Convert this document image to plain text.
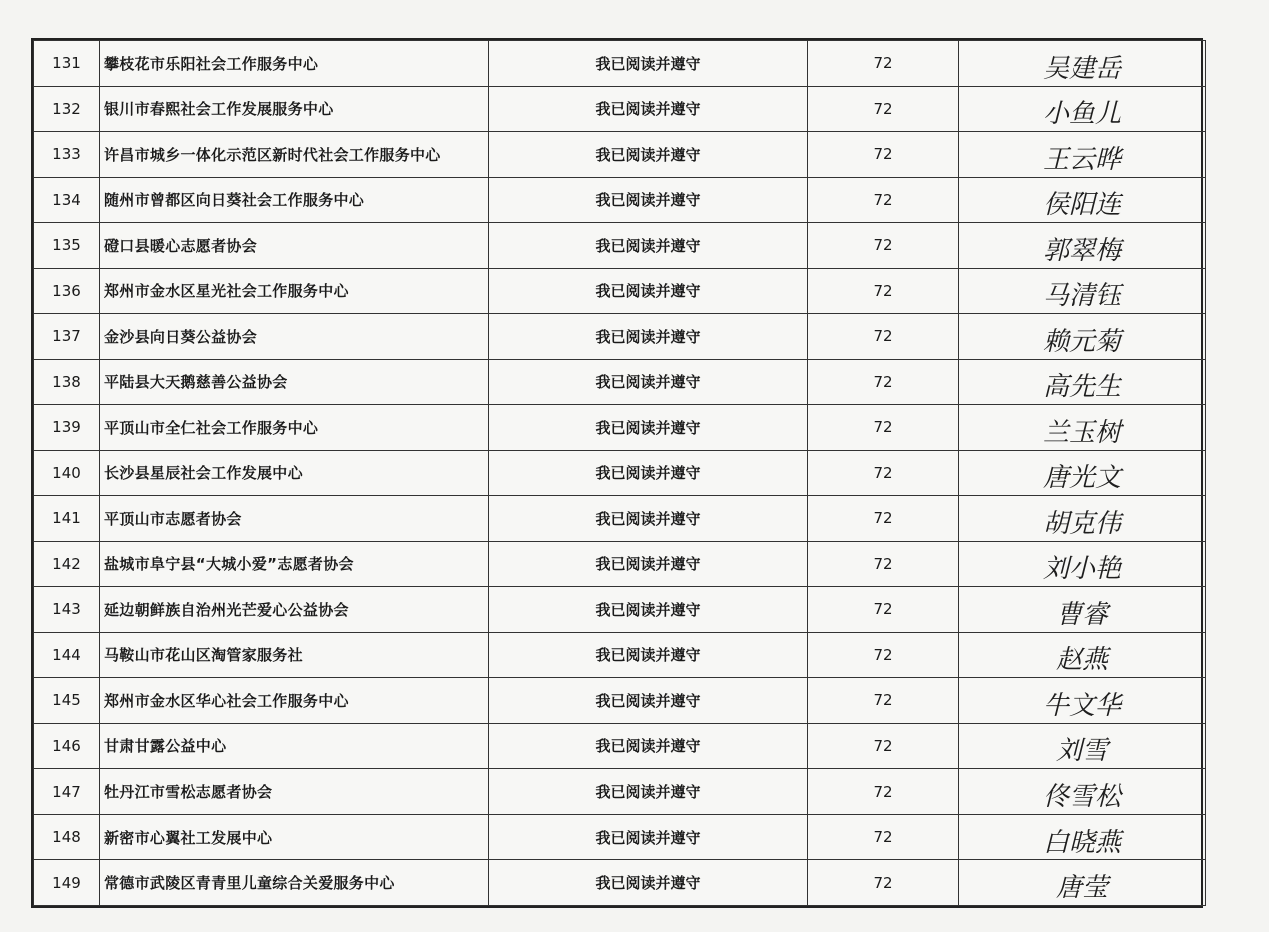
131	攀枝花市乐阳社会工作服务中心	我已阅读并遵守	72	吴建岳
132	银川市春熙社会工作发展服务中心	我已阅读并遵守	72	小鱼儿
133	许昌市城乡一体化示范区新时代社会工作服务中心	我已阅读并遵守	72	王云晔
134	随州市曾都区向日葵社会工作服务中心	我已阅读并遵守	72	侯阳连
135	磴口县暖心志愿者协会	我已阅读并遵守	72	郭翠梅
136	郑州市金水区星光社会工作服务中心	我已阅读并遵守	72	马清钰
137	金沙县向日葵公益协会	我已阅读并遵守	72	赖元菊
138	平陆县大天鹅慈善公益协会	我已阅读并遵守	72	高先生
139	平顶山市全仁社会工作服务中心	我已阅读并遵守	72	兰玉树
140	长沙县星辰社会工作发展中心	我已阅读并遵守	72	唐光文
141	平顶山市志愿者协会	我已阅读并遵守	72	胡克伟
142	盐城市阜宁县“大城小爱”志愿者协会	我已阅读并遵守	72	刘小艳
143	延边朝鲜族自治州光芒爱心公益协会	我已阅读并遵守	72	曹睿
144	马鞍山市花山区淘管家服务社	我已阅读并遵守	72	赵燕
145	郑州市金水区华心社会工作服务中心	我已阅读并遵守	72	牛文华
146	甘肃甘露公益中心	我已阅读并遵守	72	刘雪
147	牡丹江市雪松志愿者协会	我已阅读并遵守	72	佟雪松
148	新密市心翼社工发展中心	我已阅读并遵守	72	白晓燕
149	常德市武陵区青青里儿童综合关爱服务中心	我已阅读并遵守	72	唐莹
